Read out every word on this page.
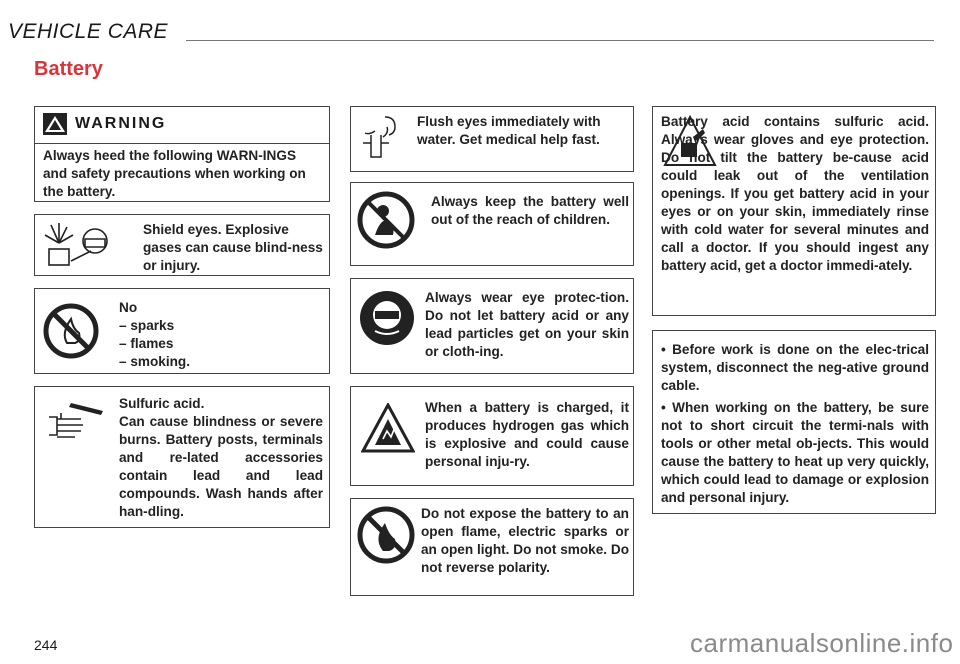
VEHICLE CARE
Battery
WARNING
Always heed the following WARN-INGS and safety precautions when working on the battery.
Shield eyes. Explosive gases can cause blind-ness or injury.
No
– sparks
– flames
– smoking.
Sulfuric acid.
Can cause blindness or severe burns. Battery posts, terminals and re-lated accessories contain lead and lead compounds. Wash hands after han-dling.
Flush eyes immediately with water. Get medical help fast.
Always keep the battery well out of the reach of children.
Always wear eye protec-tion. Do not let battery acid or any lead particles get on your skin or cloth-ing.
When a battery is charged, it produces hydrogen gas which is explosive and could cause personal inju-ry.
Do not expose the battery to an open flame, electric sparks or an open light. Do not smoke. Do not reverse polarity.
Battery acid contains sulfuric acid. Always wear gloves and eye protection. Do not tilt the battery be-cause acid could leak out of the ventilation openings. If you get battery acid in your eyes or on your skin, immediately rinse with cold water for several minutes and call a doctor. If you should ingest any battery acid, get a doctor immedi-ately.
• Before work is done on the elec-trical system, disconnect the neg-ative ground cable.
• When working on the battery, be sure not to short circuit the termi-nals with tools or other metal ob-jects. This would cause the battery to heat up very quickly, which could lead to damage or explosion and personal injury.
244	carmanualsonline.info
